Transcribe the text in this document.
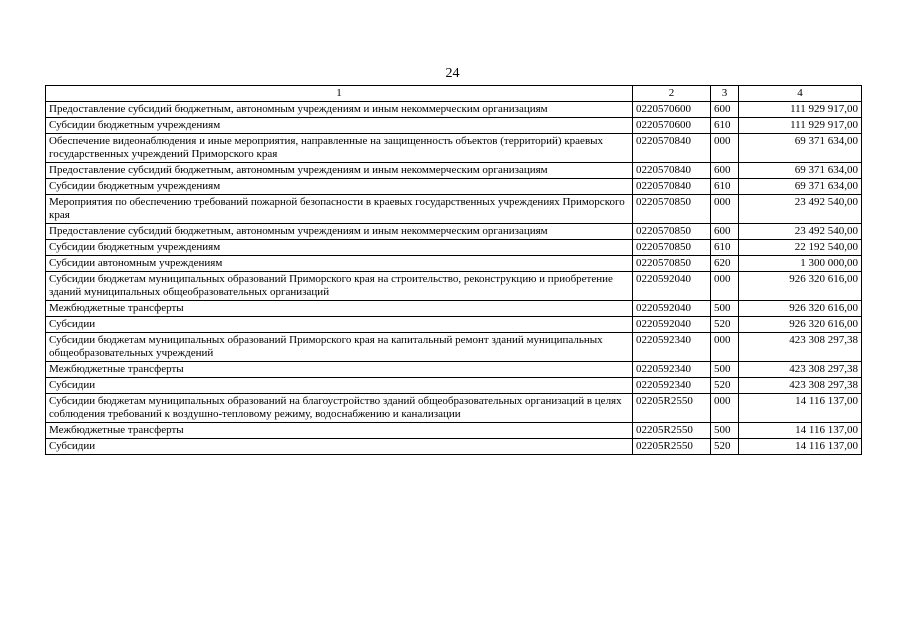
24
1	2	3	4
Предоставление субсидий бюджетным, автономным учреждениям и иным некоммерческим организациям	0220570600	600	111 929 917,00
Субсидии бюджетным учреждениям	0220570600	610	111 929 917,00
Обеспечение видеонаблюдения и иные мероприятия, направленные на защищенность объектов (территорий) краевых государственных учреждений Приморского края	0220570840	000	69 371 634,00
Предоставление субсидий бюджетным, автономным учреждениям и иным некоммерческим организациям	0220570840	600	69 371 634,00
Субсидии бюджетным учреждениям	0220570840	610	69 371 634,00
Мероприятия по обеспечению требований пожарной безопасности в краевых государственных учреждениях Приморского края	0220570850	000	23 492 540,00
Предоставление субсидий бюджетным, автономным учреждениям и иным некоммерческим организациям	0220570850	600	23 492 540,00
Субсидии бюджетным учреждениям	0220570850	610	22 192 540,00
Субсидии автономным учреждениям	0220570850	620	1 300 000,00
Субсидии бюджетам муниципальных образований Приморского края на строительство, реконструкцию и приобретение зданий муниципальных общеобразовательных организаций	0220592040	000	926 320 616,00
Межбюджетные трансферты	0220592040	500	926 320 616,00
Субсидии	0220592040	520	926 320 616,00
Субсидии бюджетам муниципальных образований Приморского края на капитальный ремонт зданий муниципальных общеобразовательных учреждений	0220592340	000	423 308 297,38
Межбюджетные трансферты	0220592340	500	423 308 297,38
Субсидии	0220592340	520	423 308 297,38
Субсидии бюджетам муниципальных образований на благоустройство зданий общеобразовательных организаций в целях соблюдения требований к воздушно-тепловому режиму, водоснабжению и канализации	02205R2550	000	14 116 137,00
Межбюджетные трансферты	02205R2550	500	14 116 137,00
Субсидии	02205R2550	520	14 116 137,00
